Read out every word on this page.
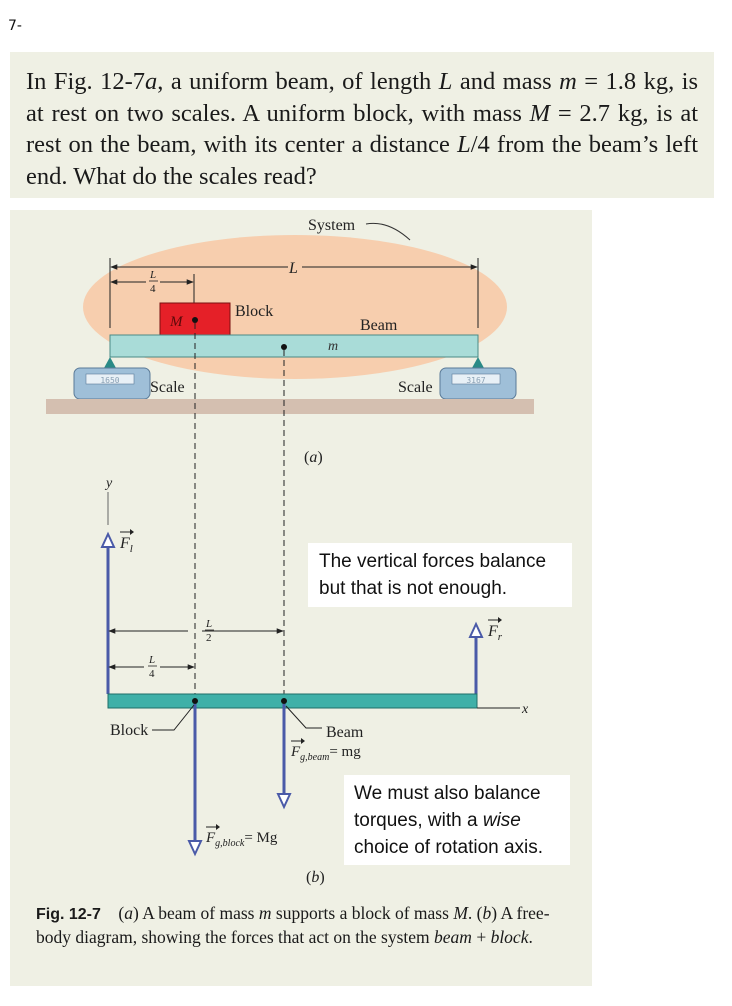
7-

In Fig. 12-7a, a uniform beam, of length L and mass m = 1.8 kg, is at rest on two scales. A uniform block, with mass M = 2.7 kg, is at rest on the beam, with its center a distance L/4 from the beam’s left end. What do the scales read?

System
L
L
4
M
Block
Beam
m
1650 Scale	3167
Scale
(a)
y
$F_l$
$F_r$
L
2
L
4
x
$F_{g,block}= Mg$
$F_{g,beam}=$ mg
Block	Beam
(b)
The vertical forces balance but that is not enough.
We must also balance torques, with a wise choice of rotation axis.
Fig. 12-7    (a) A beam of mass m supports a block of mass M. (b) A free-body diagram, showing the forces that act on the system beam + block.
